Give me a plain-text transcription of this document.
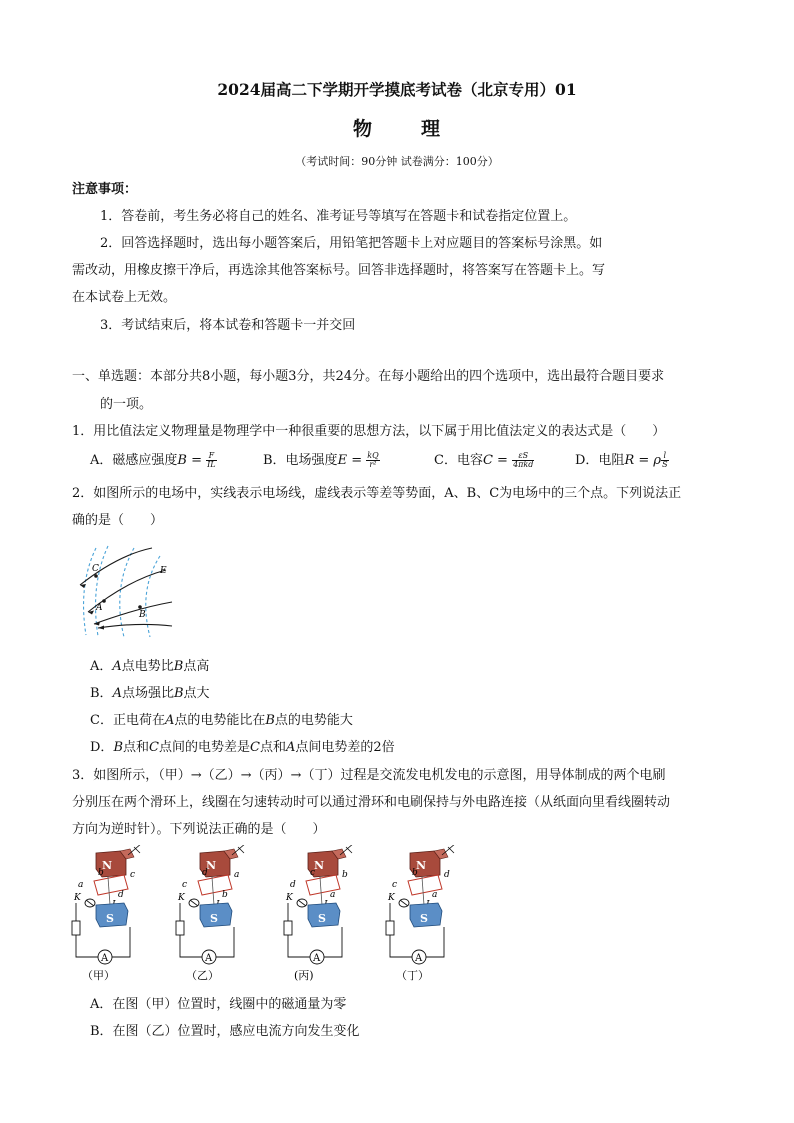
2024届高二下学期开学摸底考试卷（北京专用）01
物	理
（考试时间：90分钟 试卷满分：100分）
注意事项：
1．答卷前，考生务必将自己的姓名、准考证号等填写在答题卡和试卷指定位置上。
2．回答选择题时，选出每小题答案后，用铅笔把答题卡上对应题目的答案标号涂黑。如
需改动，用橡皮擦干净后，再选涂其他答案标号。回答非选择题时，将答案写在答题卡上。写
在本试卷上无效。
3．考试结束后，将本试卷和答题卡一并交回
一、单选题：本部分共8小题，每小题3分，共24分。在每小题给出的四个选项中，选出最符合题目要求
的一项。
1．用比值法定义物理量是物理学中一种很重要的思想方法，以下属于用比值法定义的表达式是（　　）
A．磁感应强度$B = \frac{F}{IL}$	B．电场强度$E = \frac{kQ}{\text{r²}}$	C．电容$C = \frac{\varepsilon S}{\text{4πkd}}$	D．电阻R = ρ $\frac{l}{S}$
2．如图所示的电场中，实线表示电场线，虚线表示等差等势面，A、B、C为电场中的三个点。下列说法正
确的是（　　）
C
A
B
E
A．A点电势比B点高
B．A点场强比B点大
C．正电荷在A点的电势能比在B点的电势能大
D．B点和C点间的电势差是C点和A点间电势差的2倍
3．如图所示，（甲）→（乙）→（丙）→（丁）过程是交流发电机发电的示意图，用导体制成的两个电刷
分别压在两个滑环上，线圈在匀速转动时可以通过滑环和电刷保持与外电路连接（从纸面向里看线圈转动
方向为逆时针）。下列说法正确的是（　　）
N
a
c
b
d
K
S
A
（甲）
N
c
a
d
b
K
S
A
（乙）
N
d
b
c
a
K
S
A
(丙)
N
c
d
b
a
K
S
A
（丁）
A．在图（甲）位置时，线圈中的磁通量为零
B．在图（乙）位置时，感应电流方向发生变化
